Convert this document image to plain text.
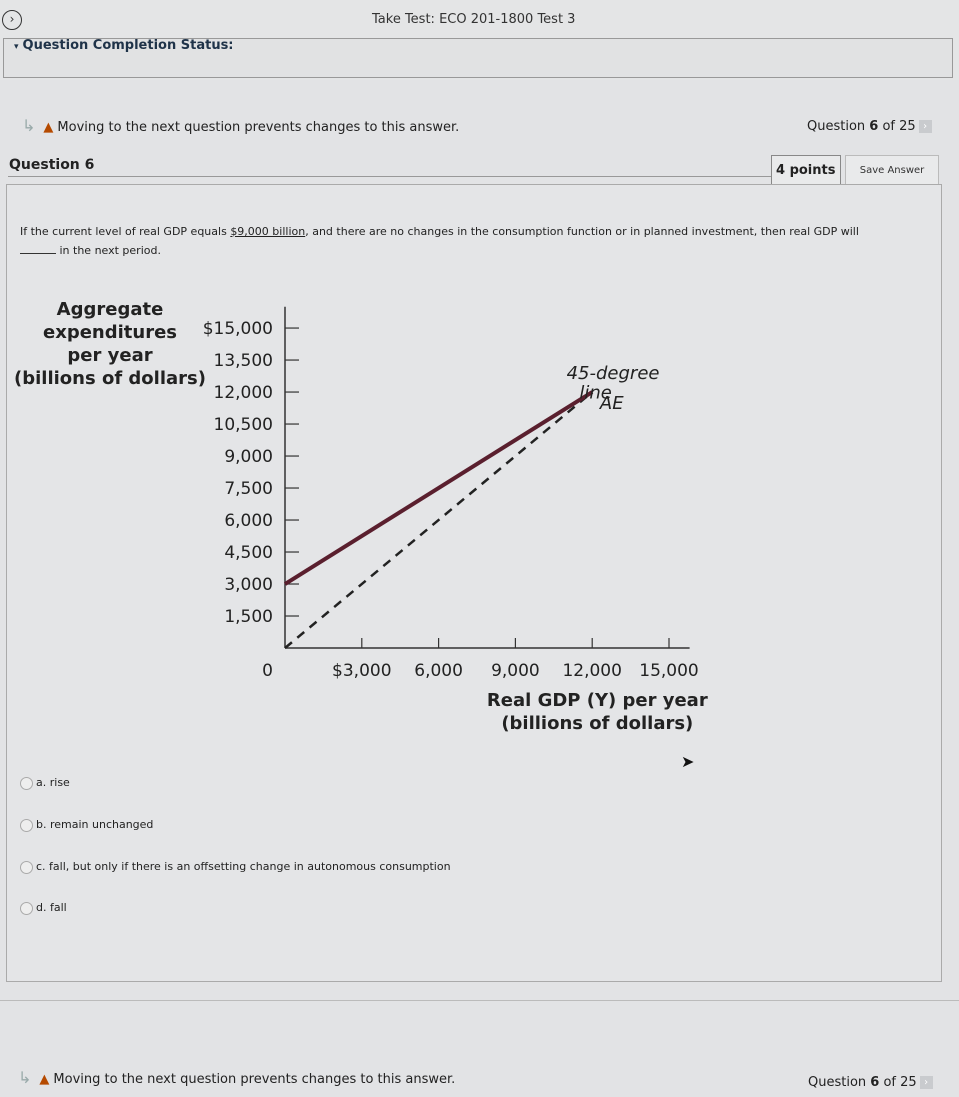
›	Take Test: ECO 201-1800 Test 3
▾ Question Completion Status:
↳ ▲ Moving to the next question prevents changes to this answer.	Question 6 of 25 ›
Question 6	4 points	Save Answer
If the current level of real GDP equals $9,000 billion, and there are no changes in the consumption function or in planned investment, then real GDP will
in the next period.
Aggregate
expenditures
per year
(billions of dollars)
$15,000
13,500
12,000
10,500
9,000
7,500
6,000
4,500
3,000
1,500
$3,000 6,000 9,000 12,000 15,000
Real GDP (Y) per year
(billions of dollars)
45-degree
line
AE
0
➤
a. rise
b. remain unchanged
c. fall, but only if there is an offsetting change in autonomous consumption
d. fall
↳ ▲ Moving to the next question prevents changes to this answer.	Question 6 of 25 ›
